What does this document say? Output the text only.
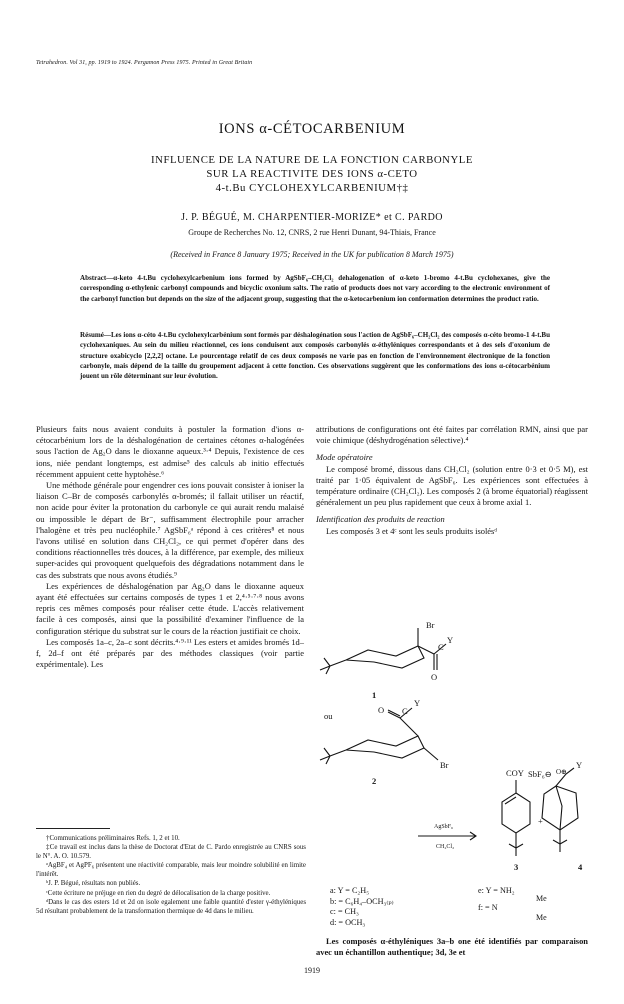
Tetrahedron. Vol 31, pp. 1919 to 1924. Pergamon Press 1975. Printed in Great Britain
IONS α-CÉTOCARBENIUM
INFLUENCE DE LA NATURE DE LA FONCTION CARBONYLE
SUR LA REACTIVITE DES IONS α-CETO
4-t.Bu CYCLOHEXYLCARBENIUM†‡
J. P. BÉGUÉ, M. CHARPENTIER-MORIZE* et C. PARDO
Groupe de Recherches No. 12, CNRS, 2 rue Henri Dunant, 94-Thiais, France
(Received in France 8 January 1975; Received in the UK for publication 8 March 1975)
Abstract—α-keto 4-t.Bu cyclohexylcarbenium ions formed by AgSbF₆–CH₂Cl₂ dehalogenation of α-keto 1-bromo 4-t.Bu cyclohexanes, give the corresponding α-ethylenic carbonyl compounds and bicyclic oxonium salts. The ratio of products does not vary according to the electronic environment of the carbonyl function but depends on the size of the adjacent group, suggesting that the α-ketocarbenium ion conformation determines the product ratio.
Résumé—Les ions α-céto 4-t.Bu cyclohexylcarbénium sont formés par déshalogénation sous l'action de AgSbF₆–CH₂Cl₂ des composés α-céto bromo-1 4-t.Bu cyclohexaniques. Au sein du milieu réactionnel, ces ions conduisent aux composés carbonylés α-éthyléniques correspondants et à des sels d'oxonium de structure oxabicyclo [2,2,2] octane. Le pourcentage relatif de ces deux composés ne varie pas en fonction de l'environnement électronique de la fonction carbonyle, mais dépend de la taille du groupement adjacent à cette fonction. Ces observations suggèrent que les conformations des ions α-cétocarbénium jouent un rôle déterminant sur leur évolution.

Plusieurs faits nous avaient conduits à postuler la formation d'ions α-cétocarbénium lors de la déshalogénation de certaines cétones α-halogénées sous l'action de Ag₂O dans le dioxanne aqueux.³·⁴ Depuis, l'existence de ces ions, niée pendant longtemps, est admise⁵ des calculs ab initio effectués récemment appuient cette hyptohèse.⁶

Une méthode générale pour engendrer ces ions pouvait consister à ioniser la liaison C–Br de composés carbonylés α-bromés; il fallait utiliser un réactif, non acide pour éviter la protonation du carbonyle ce qui aurait rendu malaisé ou impossible le départ de Br⁻, suffisamment électrophile pour arracher l'halogène et très peu nucléophile.⁷ AgSbF₆ᵃ répond à ces critères⁸ et nous l'avons utilisé en solution dans CH₂Cl₂, ce qui permet d'opérer dans des conditions réactionnelles très douces, à la différence, par exemple, des milieux super-acides qui provoquent quelquefois des dégradations notamment dans le cas des substrats que nous avons étudiés.⁹

Les expériences de déshalogénation par Ag₂O dans le dioxanne aqueux ayant été effectuées sur certains composés de types 1 et 2,⁴·⁵·⁷·⁸ nous avons repris ces mêmes composés pour réaliser cette étude. L'accès relativement facile à ces composés, ainsi que la possibilité d'examiner l'influence de la configuration stérique du substrat sur le cours de la réaction justifiait ce choix.

Les composés 1a–c, 2a–c sont décrits.⁴·⁹·¹¹ Les esters et amides bromés 1d–f, 2d–f ont été préparés par des méthodes classiques (voir partie expérimentale). Les

†Communications préliminaires Refs. 1, 2 et 10.

‡Ce travail est inclus dans la thèse de Doctorat d'Etat de C. Pardo enregistrée au CNRS sous le N°. A. O. 10.579.

ᵃAgBF₄ et AgPF₆ présentent une réactivité comparable, mais leur moindre solubilité en limite l'intérêt.

ᵇJ. P. Bégué, résultats non publiés.

ᶜCette écriture ne préjuge en rien du degré de délocalisation de la charge positive.

ᵈDans le cas des esters 1d et 2d on isole egalement une faible quantité d'ester γ-éthyléniques 5d résultant probablement de la transformation thermique de 4d dans le milieu.

attributions de configurations ont été faites par corrélation RMN, ainsi que par voie chimique (déshydrogénation sélective).⁴

Mode opératoire

Le composé bromé, dissous dans CH₂Cl₂ (solution entre 0·3 et 0·5 M), est traité par 1·05 équivalent de AgSbF₆. Les expériences sont effectuées à température ordinaire (CH₂Cl₂). Les composés 2 (à brome équatorial) réagissent généralement un peu plus rapidement que ceux à brome axial 1.

Identification des produits de reaction

Les composés 3 et 4ᶜ sont les seuls produits isolésᵈ

Br
C
Y
O
1
ou
O C
Y
Br
2
COY
AgSbF₆
CH₂Cl₂
+
3
SbF₆⊖ O⊕
Y
4
a: Y = C₂H₅
b: = C₆H₄–OCH₃₍ₚ₎
c: = CH₃
d: = OCH₃
e: Y = NH₂
f: = N
Me
Me

Les composés α-éthyléniques 3a–b one été identifiés par comparaison avec un échantillon authentique; 3d, 3e et

1919
